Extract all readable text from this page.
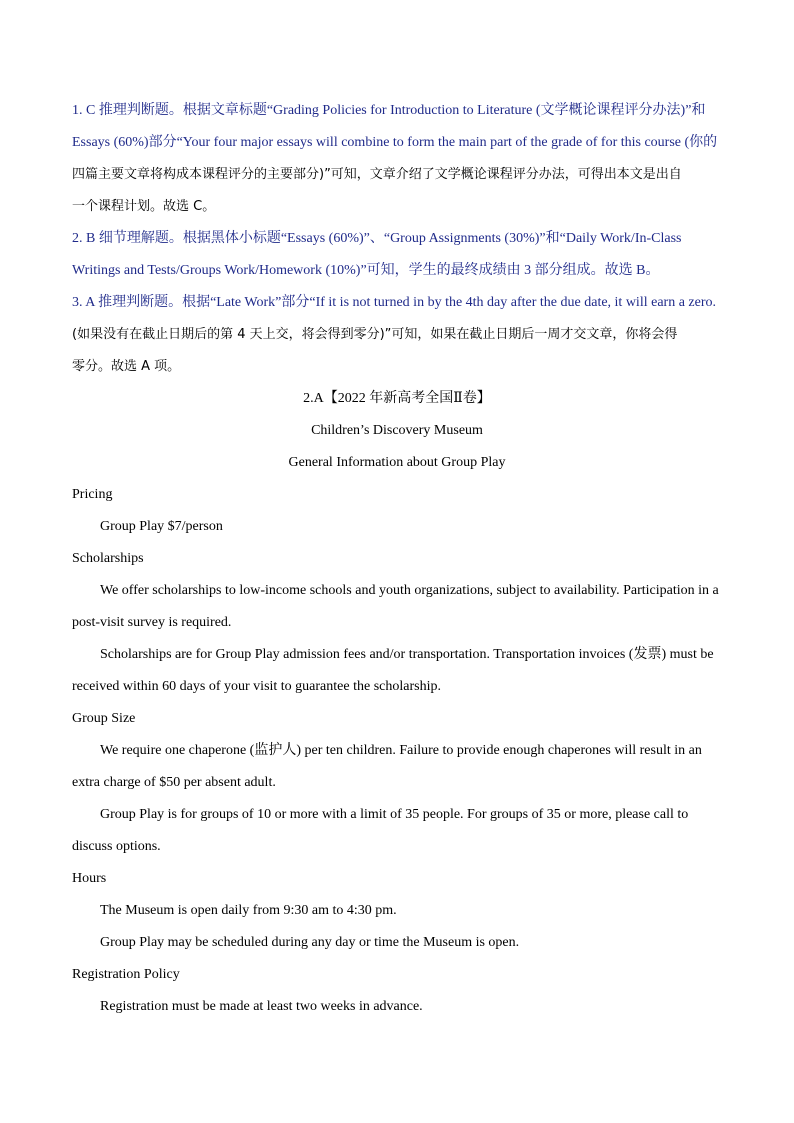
1. C 推理判断题。根据文章标题“Grading Policies for Introduction to Literature (文学概论课程评分办法)”和
Essays (60%)部分“Your four major essays will combine to form the main part of the grade of for this course (你的
四篇主要文章将构成本课程评分的主要部分)”可知，文章介绍了文学概论课程评分办法，可得出本文是出自
一个课程计划。故选 C。
2. B 细节理解题。根据黑体小标题“Essays (60%)”、“Group Assignments (30%)”和“Daily Work/In-Class
Writings and Tests/Groups Work/Homework (10%)”可知，学生的最终成绩由 3 部分组成。故选 B。
3. A 推理判断题。根据“Late Work”部分“If it is not turned in by the 4th day after the due date, it will earn a zero.
(如果没有在截止日期后的第 4 天上交，将会得到零分)”可知，如果在截止日期后一周才交文章，你将会得
零分。故选 A 项。
2.A【2022 年新高考全国Ⅱ卷】
Children’s Discovery Museum
General Information about Group Play
Pricing
Group Play $7/person
Scholarships
We offer scholarships to low-income schools and youth organizations, subject to availability. Participation in a
post-visit survey is required.
Scholarships are for Group Play admission fees and/or transportation. Transportation invoices (发票) must be
received within 60 days of your visit to guarantee the scholarship.
Group Size
We require one chaperone (监护人) per ten children. Failure to provide enough chaperones will result in an
extra charge of $50 per absent adult.
Group Play is for groups of 10 or more with a limit of 35 people. For groups of 35 or more, please call to
discuss options.
Hours
The Museum is open daily from 9:30 am to 4:30 pm.
Group Play may be scheduled during any day or time the Museum is open.
Registration Policy
Registration must be made at least two weeks in advance.
